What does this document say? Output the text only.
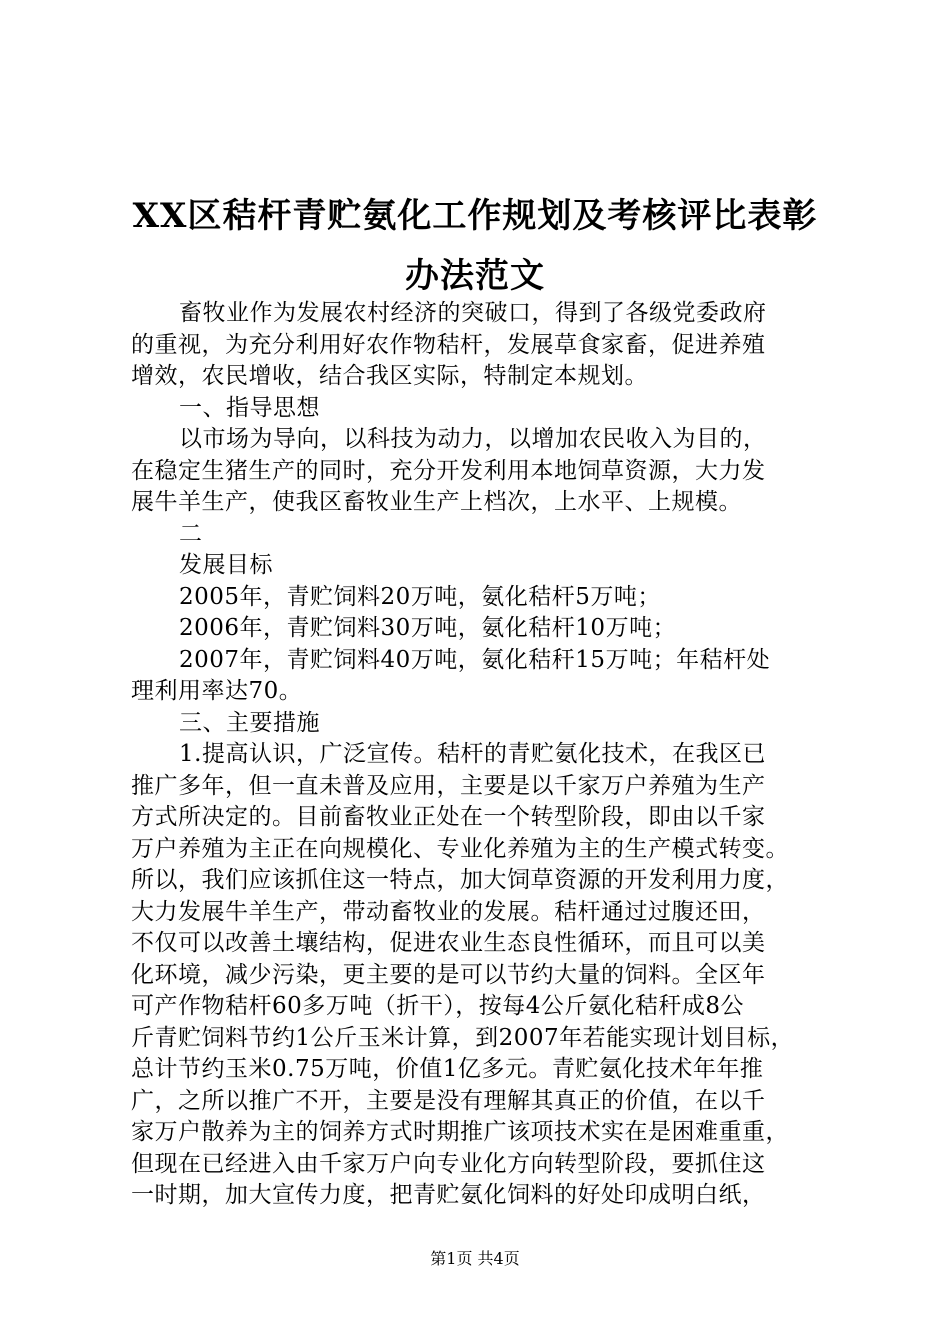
XX区秸杆青贮氨化工作规划及考核评比表彰
办法范文
畜牧业作为发展农村经济的突破口，得到了各级党委政府
的重视，为充分利用好农作物秸杆，发展草食家畜，促进养殖
增效，农民增收，结合我区实际，特制定本规划。
一、指导思想
以市场为导向，以科技为动力，以增加农民收入为目的，
在稳定生猪生产的同时，充分开发利用本地饲草资源，大力发
展牛羊生产，使我区畜牧业生产上档次，上水平、上规模。
二
发展目标
2005年，青贮饲料20万吨，氨化秸杆5万吨；
2006年，青贮饲料30万吨，氨化秸杆10万吨；
2007年，青贮饲料40万吨，氨化秸秆15万吨；年秸杆处
理利用率达70。
三、主要措施
1.提高认识，广泛宣传。秸杆的青贮氨化技术，在我区已
推广多年，但一直未普及应用，主要是以千家万户养殖为生产
方式所决定的。目前畜牧业正处在一个转型阶段，即由以千家
万户养殖为主正在向规模化、专业化养殖为主的生产模式转变。
所以，我们应该抓住这一特点，加大饲草资源的开发利用力度，
大力发展牛羊生产，带动畜牧业的发展。秸杆通过过腹还田，
不仅可以改善土壤结构，促进农业生态良性循环，而且可以美
化环境，减少污染，更主要的是可以节约大量的饲料。全区年
可产作物秸杆60多万吨（折干），按每4公斤氨化秸秆成8公
斤青贮饲料节约1公斤玉米计算，到2007年若能实现计划目标，
总计节约玉米0.75万吨，价值1亿多元。青贮氨化技术年年推
广，之所以推广不开，主要是没有理解其真正的价值，在以千
家万户散养为主的饲养方式时期推广该项技术实在是困难重重，
但现在已经进入由千家万户向专业化方向转型阶段，要抓住这
一时期，加大宣传力度，把青贮氨化饲料的好处印成明白纸，
第1页 共4页
